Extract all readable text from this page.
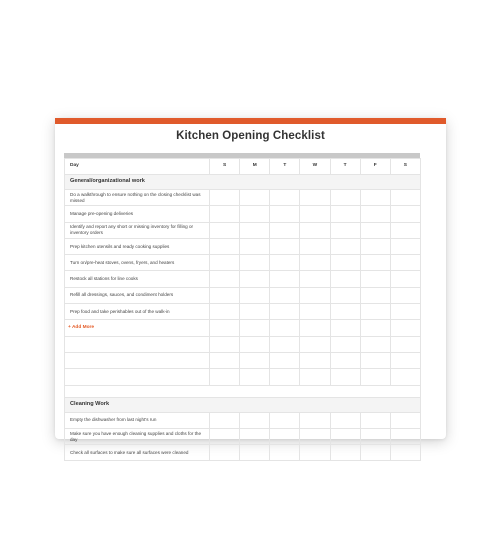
Kitchen Opening Checklist
Day	S	M	T	W	T	F	S
General/organizational work							
Do a walkthrough to ensure nothing on the closing checklist was missed							
Manage pre-opening deliveries							
Identify and report any short or missing inventory for filling or inventory orders							
Prep kitchen utensils and ready cooking supplies							
Turn on/pre-heat stoves, ovens, fryers, and heaters							
Restock all stations for line cooks							
Refill all dressings, sauces, and condiment holders							
Prep food and take perishables out of the walk-in							
+ Add More							

Cleaning Work							
Empty the dishwasher from last night's run							
Make sure you have enough cleaning supplies and cloths for the day							
Check all surfaces to make sure all surfaces were cleaned							
